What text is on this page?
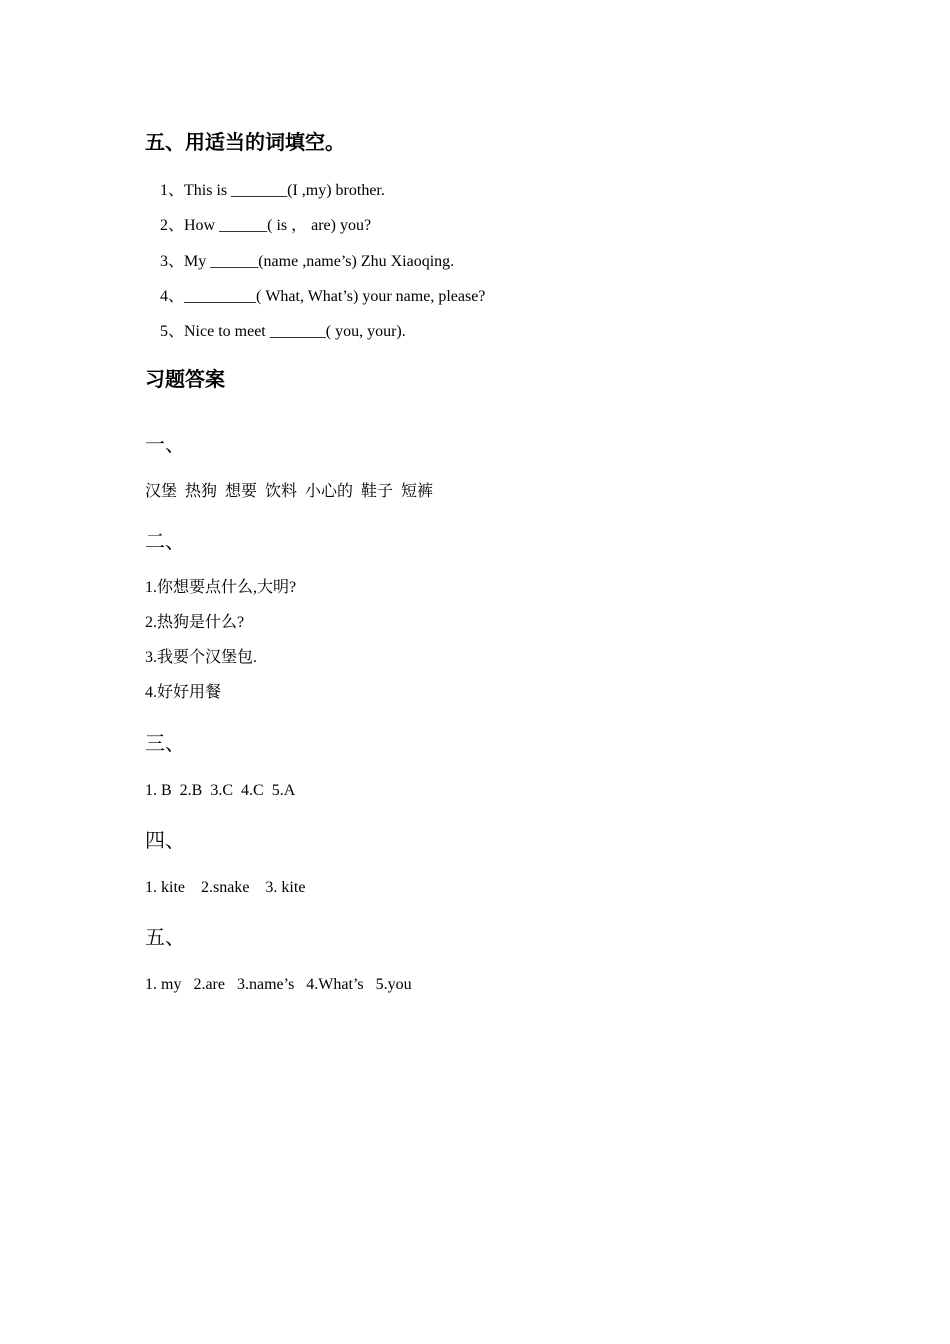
五、用适当的词填空。
1、This is _______(I ,my) brother.
2、How ______( is ， are) you?
3、My ______(name ,name’s) Zhu Xiaoqing.
4、_________( What, What’s) your name, please?
5、Nice to meet _______( you, your).
习题答案
一、
汉堡  热狗  想要  饮料  小心的  鞋子  短裤
二、
1.你想要点什么,大明?
2.热狗是什么?
3.我要个汉堡包.
4.好好用餐
三、
1. B  2.B  3.C  4.C  5.A
四、
1. kite    2.snake    3. kite
五、
1. my   2.are   3.name’s   4.What’s   5.you
